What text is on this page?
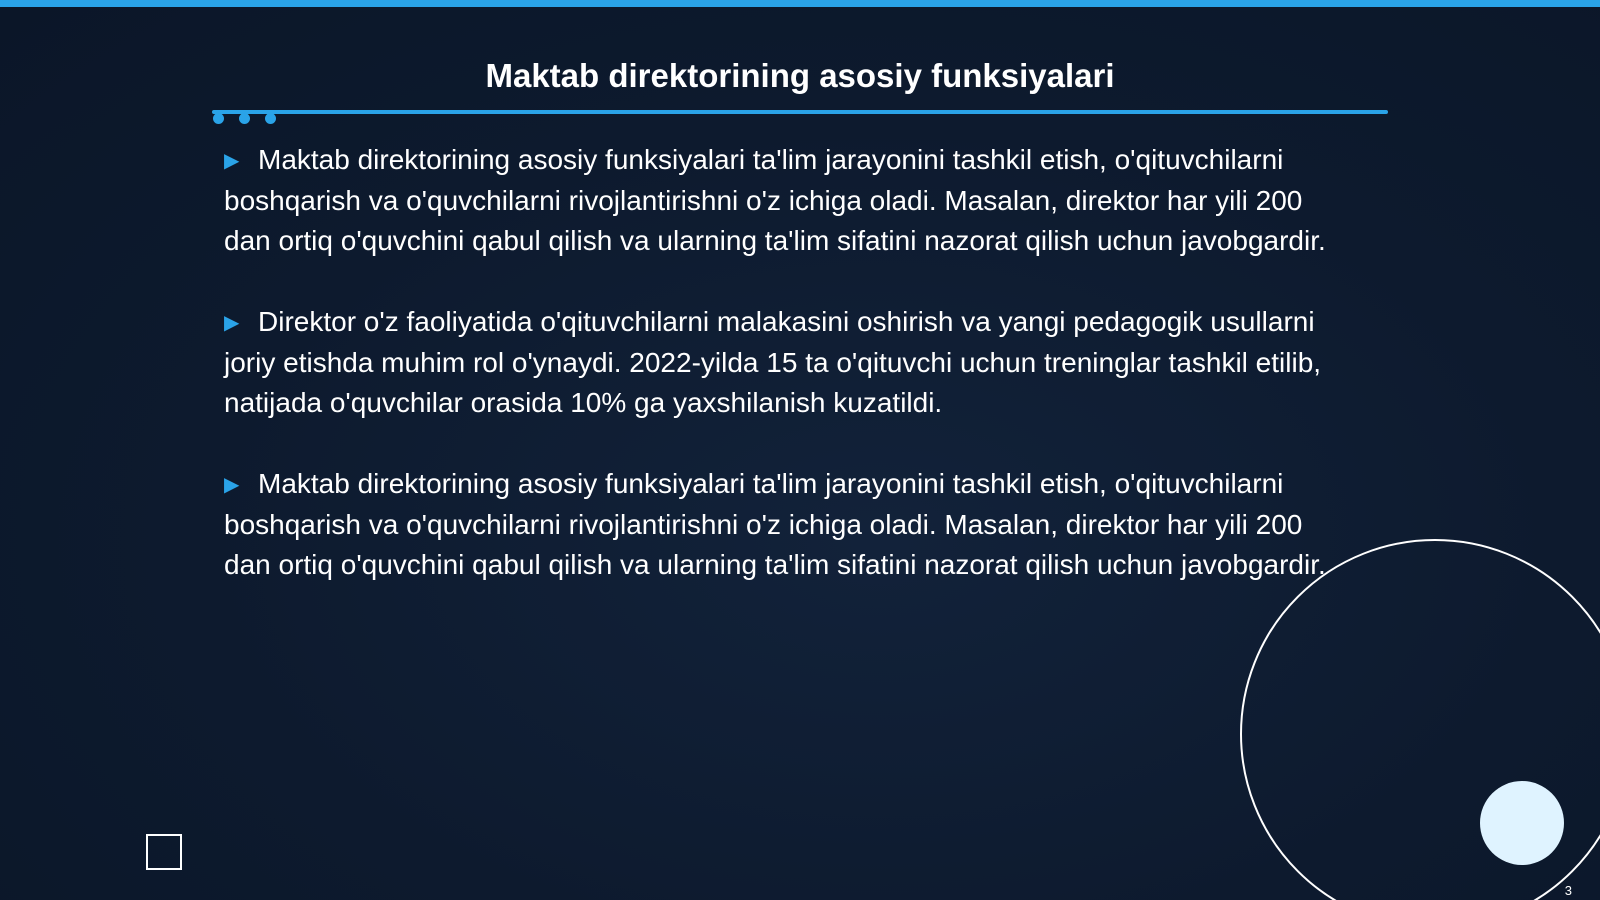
Maktab direktorining asosiy funksiyalari

▶ Maktab direktorining asosiy funksiyalari ta'lim jarayonini tashkil etish, o'qituvchilarni boshqarish va o'quvchilarni rivojlantirishni o'z ichiga oladi. Masalan, direktor har yili 200 dan ortiq o'quvchini qabul qilish va ularning ta'lim sifatini nazorat qilish uchun javobgardir.

▶ Direktor o'z faoliyatida o'qituvchilarni malakasini oshirish va yangi pedagogik usullarni joriy etishda muhim rol o'ynaydi. 2022-yilda 15 ta o'qituvchi uchun treninglar tashkil etilib, natijada o'quvchilar orasida 10% ga yaxshilanish kuzatildi.

▶ Maktab direktorining asosiy funksiyalari ta'lim jarayonini tashkil etish, o'qituvchilarni boshqarish va o'quvchilarni rivojlantirishni o'z ichiga oladi. Masalan, direktor har yili 200 dan ortiq o'quvchini qabul qilish va ularning ta'lim sifatini nazorat qilish uchun javobgardir.

3
